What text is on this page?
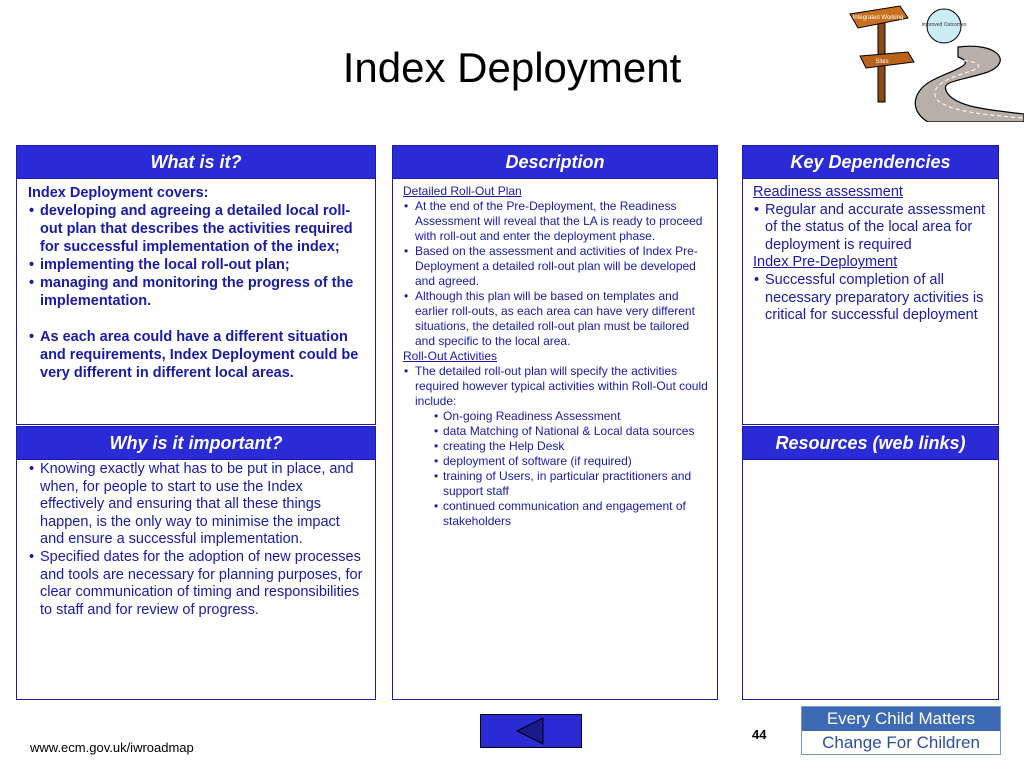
Index Deployment
Integrated Working
Sites
Improved Outcomes
What is it?
Index Deployment covers:
• developing and agreeing a detailed local roll-out plan that describes the activities required for successful implementation of the index;
• implementing the local roll-out plan;
• managing and monitoring the progress of the implementation.
• As each area could have a different situation and requirements, Index Deployment could be very different in different local areas.
Why is it important?
• Knowing exactly what has to be put in place, and when, for people to start to use the Index effectively and ensuring that all these things happen, is the only way to minimise the impact and ensure a successful implementation.
• Specified dates for the adoption of new processes and tools are necessary for planning purposes, for clear communication of timing and responsibilities to staff and for review of progress.
Description
Detailed Roll-Out Plan
• At the end of the Pre-Deployment, the Readiness Assessment will reveal that the LA is ready to proceed with roll-out and enter the deployment phase.
• Based on the assessment and activities of Index Pre-Deployment a detailed roll-out plan will be developed and agreed.
• Although this plan will be based on templates and earlier roll-outs, as each area can have very different situations, the detailed roll-out plan must be tailored and specific to the local area.
Roll-Out Activities
• The detailed roll-out plan will specify the activities required however typical activities within Roll-Out could include:
• On-going Readiness Assessment
• data Matching of National & Local data sources
• creating the Help Desk
• deployment of software (if required)
• training of Users, in particular practitioners and support staff
• continued communication and engagement of stakeholders
Key Dependencies
Readiness assessment
• Regular and accurate assessment of the status of the local area for deployment is required
Index Pre-Deployment
• Successful completion of all necessary preparatory activities is critical for successful deployment
Resources (web links)
www.ecm.gov.uk/iwroadmap
44
Every Child Matters
Change For Children
